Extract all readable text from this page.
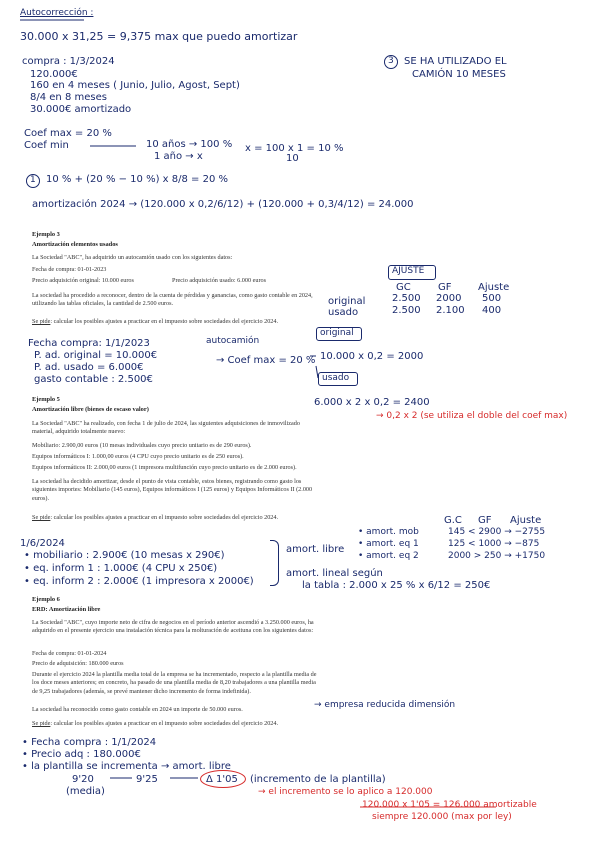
Autocorrección :
30.000 x 31,25 = 9,375 max que puedo amortizar
compra : 1/3/2024
120.000€
160 en 4 meses ( Junio, Julio, Agost, Sept)
8/4 en 8 meses
30.000€ amortizado
3 SE HA UTILIZADO EL
CAMIÓN 10 MESES
Coef max = 20 %
Coef min	10 años → 100 %
1 año → x
x = 100 x 1 = 10 %
10
1 10 % + (20 % − 10 %) x 8/8 = 20 %
amortización 2024 → (120.000 x 0,2/6/12) + (120.000 + 0,3/4/12) = 24.000
Ejemplo 3
Amortización elementos usados
La Sociedad "ABC", ha adquirido un autocamión usado con los siguientes datos:
Fecha de compra: 01-01-2023
Precio adquisición original: 10.000 euros	Precio adquisición usado: 6.000 euros
La sociedad ha procedido a reconocer, dentro de la cuenta de pérdidas y ganancias, como gasto contable en 2024, utilizando las tablas oficiales, la cantidad de 2.500 euros.
Se pide: calcular los posibles ajustes a practicar en el impuesto sobre sociedades del ejercicio 2024.
AJUSTE
GC	GF	Ajuste
original	2.500 2000 500
usado	2.500 2.100 400
Fecha compra: 1/1/2023
P. ad. original = 10.000€
P. ad. usado = 6.000€
gasto contable : 2.500€
autocamión
→ Coef max = 20 %
original
10.000 x 0,2 = 2000
usado
6.000 x 2 x 0,2 = 2400
→ 0,2 x 2 (se utiliza el doble del coef max)
Ejemplo 5
Amortización libre (bienes de escaso valor)
La Sociedad "ABC" ha realizado, con fecha 1 de julio de 2024, las siguientes adquisiciones de inmovilizado material, adquirido totalmente nuevo:
Mobiliario: 2.900,00 euros (10 mesas individuales cuyo precio unitario es de 290 euros).
Equipos informáticos I: 1.000,00 euros (4 CPU cuyo precio unitario es de 250 euros).
Equipos informáticos II: 2.000,00 euros (1 impresora multifunción cuyo precio unitario es de 2.000 euros).
La sociedad ha decidido amortizar, desde el punto de vista contable, estos bienes, registrando como gasto los siguientes importes: Mobiliario (145 euros), Equipos informáticos I (125 euros) y Equipos Informáticos II (2.000 euros).
Se pide: calcular los posibles ajustes a practicar en el impuesto sobre sociedades del ejercicio 2024.	G.C GF Ajuste
• amort. mob	145 < 2900 → −2755
• amort. eq 1	125 < 1000 → −875
• amort. eq 2	2000 > 250 → +1750
1/6/2024
• mobiliario : 2.900€ (10 mesas x 290€)
• eq. inform 1 : 1.000€ (4 CPU x 250€)
• eq. inform 2 : 2.000€ (1 impresora x 2000€)
amort. libre
amort. lineal según
la tabla : 2.000 x 25 % x 6/12 = 250€
Ejemplo 6
ERD: Amortización libre
La Sociedad "ABC", cuyo importe neto de cifra de negocios en el período anterior ascendió a 3.250.000 euros, ha adquirido en el presente ejercicio una instalación técnica para la molturación de aceituna con los siguientes datos:
Fecha de compra: 01-01-2024
Precio de adquisición: 180.000 euros
Durante el ejercicio 2024 la plantilla media total de la empresa se ha incrementado, respecto a la plantilla media de los doce meses anteriores; en concreto, ha pasado de una plantilla media de 8,20 trabajadores a una plantilla media de 9,25 trabajadores (además, se prevé mantener dicho incremento de forma indefinida).
La sociedad ha reconocido como gasto contable en 2024 un importe de 50.000 euros.
Se pide: calcular los posibles ajustes a practicar en el impuesto sobre sociedades del ejercicio 2024.
→ empresa reducida dimensión
• Fecha compra : 1/1/2024
• Precio adq : 180.000€
• la plantilla se incrementa → amort. libre
9'20	9'25	Δ 1'05
(media)
(incremento de la plantilla)
→ el incremento se lo aplico a 120.000
120.000 x 1'05 = 126.000 amortizable
siempre 120.000 (max por ley)
